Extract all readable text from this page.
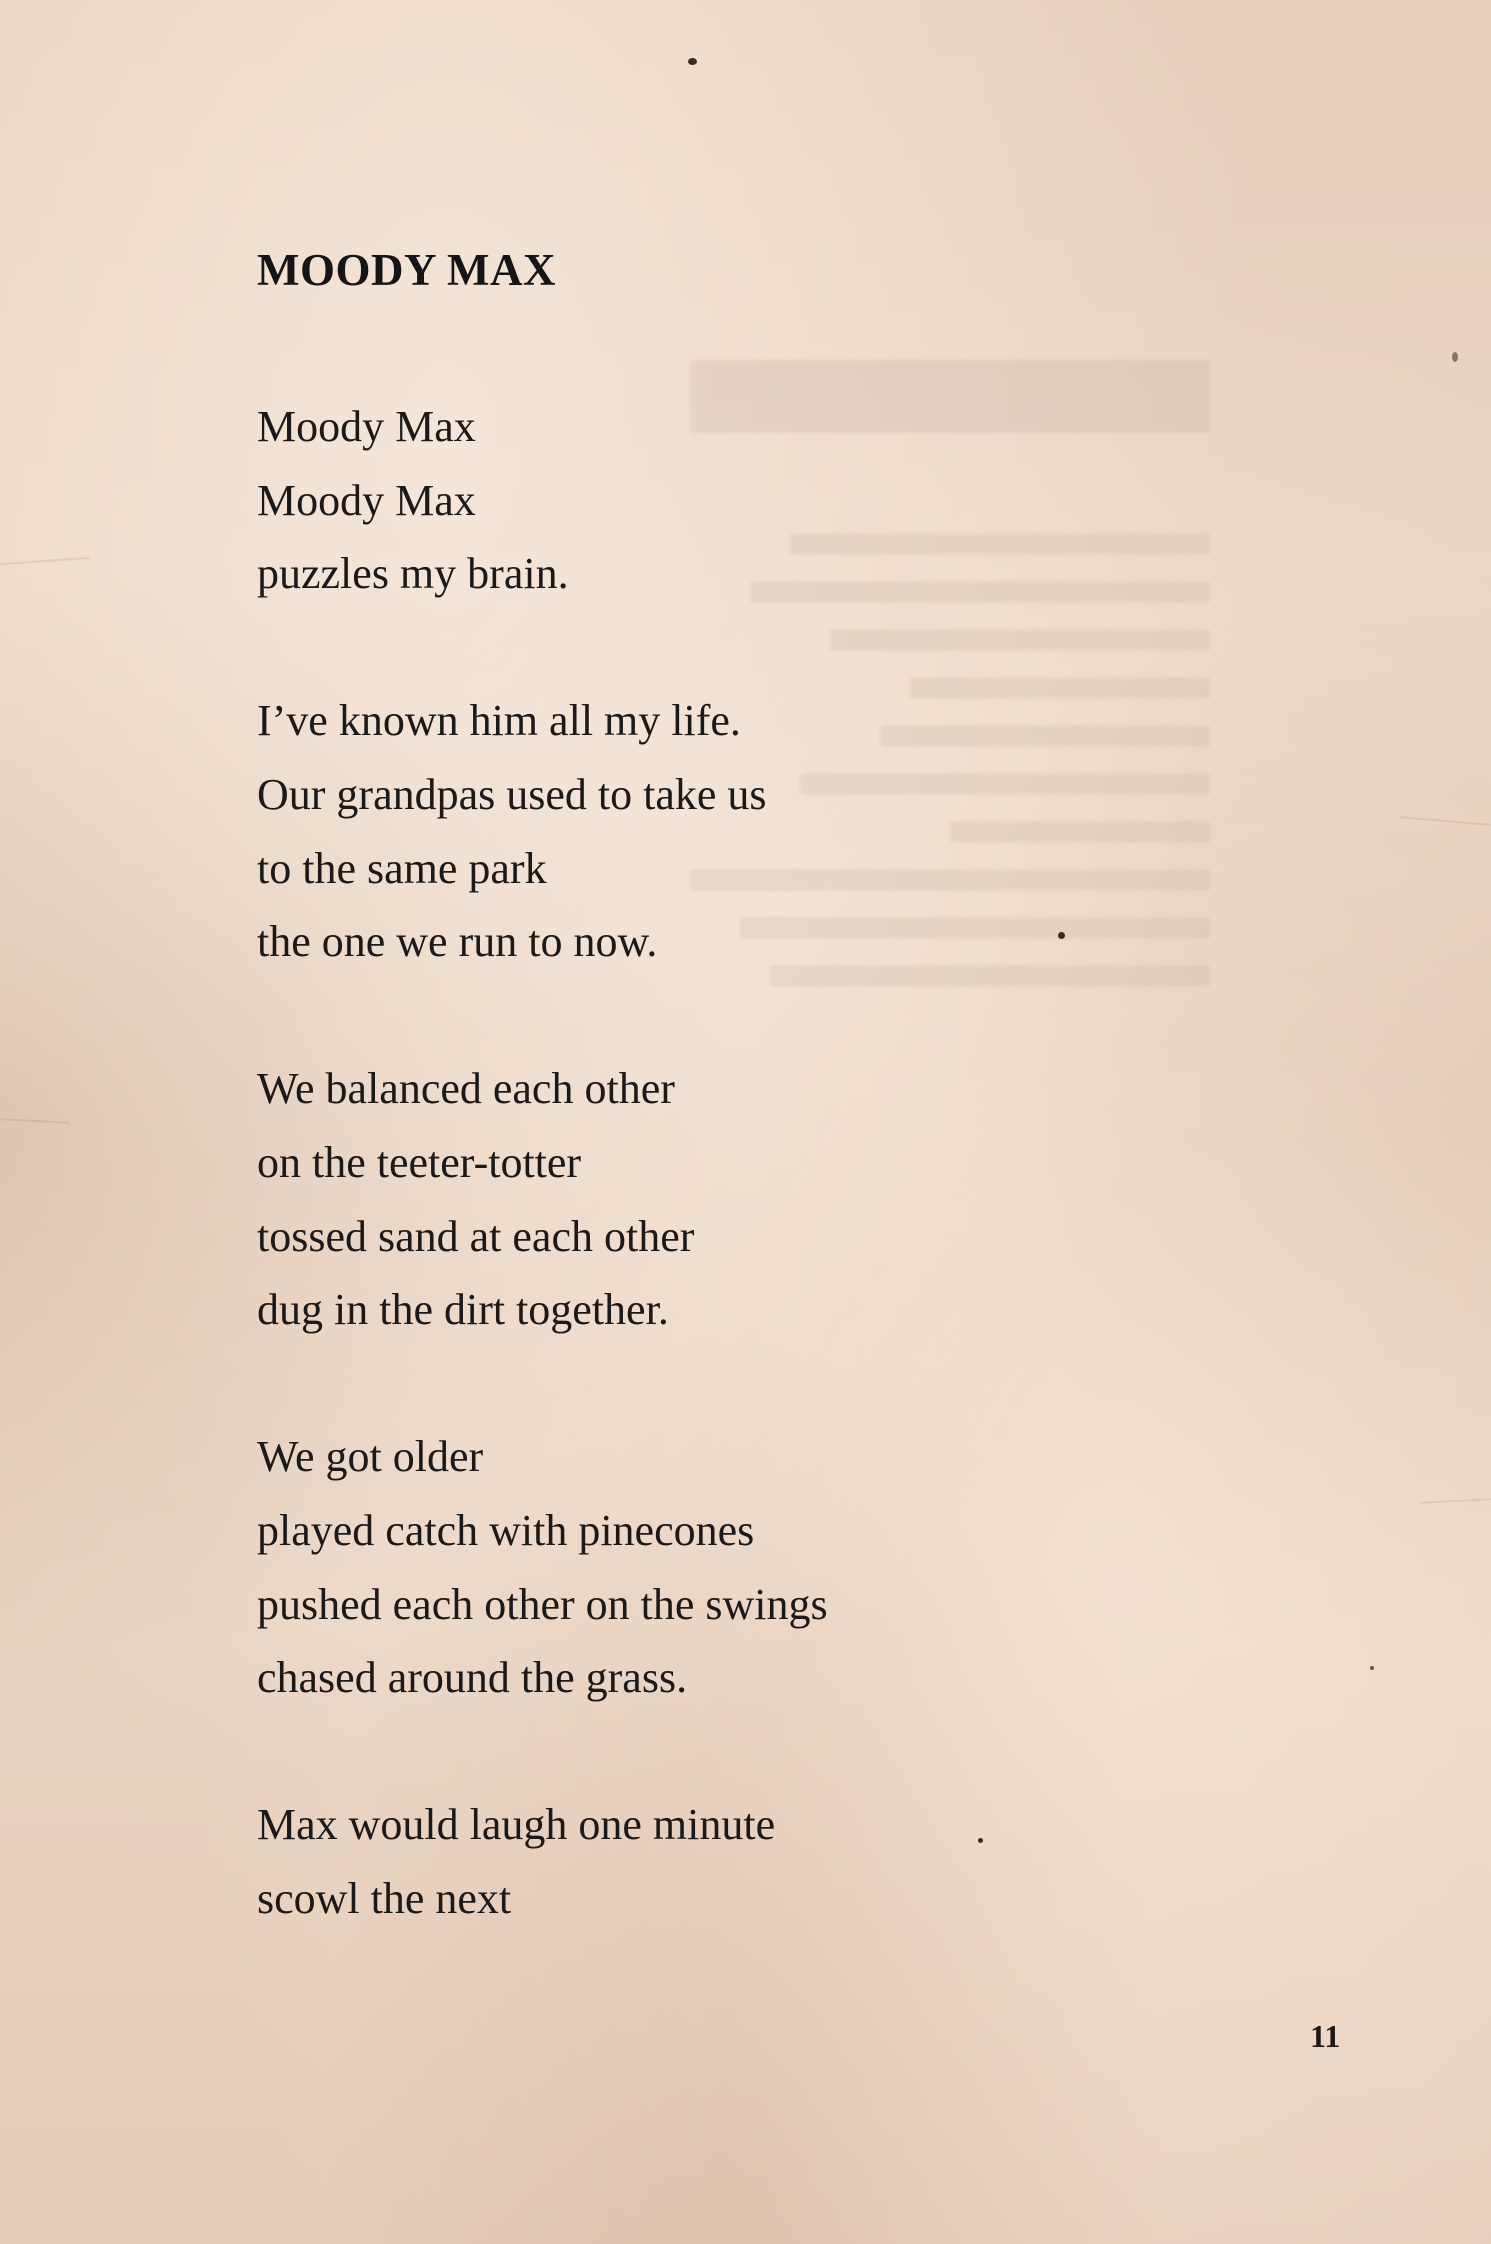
MOODY MAX
Moody Max
Moody Max
puzzles my brain.
I’ve known him all my life.
Our grandpas used to take us
to the same park
the one we run to now.
We balanced each other
on the teeter-totter
tossed sand at each other
dug in the dirt together.
We got older
played catch with pinecones
pushed each other on the swings
chased around the grass.
Max would laugh one minute
scowl the next
11
